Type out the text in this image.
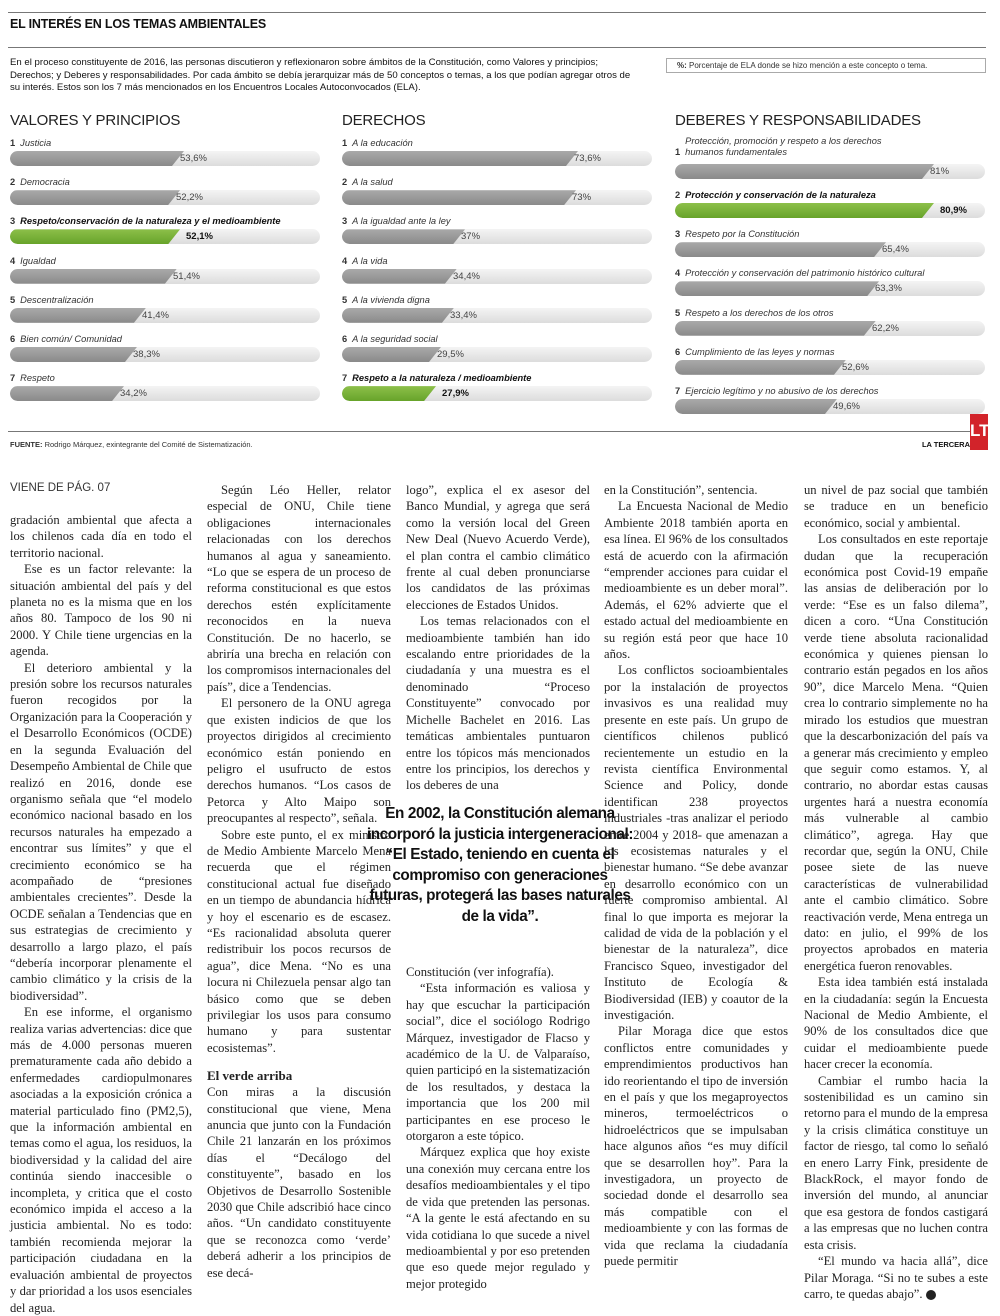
EL INTERÉS EN LOS TEMAS AMBIENTALES

En el proceso constituyente de 2016, las personas discutieron y reflexionaron sobre ámbitos de la Constitución, como Valores y principios; Derechos; y Deberes y responsabilidades. Por cada ámbito se debía jerarquizar más de 50 conceptos o temas, a los que podían agregar otros de su interés. Estos son los 7 más mencionados en los Encuentros Locales Autoconvocados (ELA).

%: Porcentaje de ELA donde se hizo mención a este concepto o tema.
VALORES Y PRINCIPIOS
1 Justicia
53,6%
2 Democracia
52,2%
3 Respeto/conservación de la naturaleza y el medioambiente
52,1%
4 Igualdad
51,4%
5 Descentralización
41,4%
6 Bien común/ Comunidad
38,3%
7 Respeto
34,2%
DERECHOS
1 A la educación
73,6%
2 A la salud
73%
3 A la igualdad ante la ley
37%
4 A la vida
34,4%
5 A la vivienda digna
33,4%
6 A la seguridad social
29,5%
7 Respeto a la naturaleza / medioambiente
27,9%
DEBERES Y RESPONSABILIDADES
1Protección, promoción y respeto a los derechos humanos fundamentales
81%
2 Protección y conservación de la naturaleza
80,9%
3 Respeto por la Constitución
65,4%
4 Protección y conservación del patrimonio histórico cultural
63,3%
5 Respeto a los derechos de los otros
62,2%
6 Cumplimiento de las leyes y normas
52,6%
7 Ejercicio legítimo y no abusivo de los derechos
49,6%
FUENTE: Rodrigo Márquez, exintegrante del Comité de Sistematización.	LA TERCERA
LT
VIENE DE PÁG. 07

gradación ambiental que afecta a los chilenos cada día en todo el territorio nacional.

Ese es un factor relevante: la situación ambiental del país y del planeta no es la misma que en los años 80. Tampoco de los 90 ni 2000. Y Chile tiene urgencias en la agenda.

El deterioro ambiental y la presión sobre los recursos naturales fueron recogidos por la Organización para la Cooperación y el Desarrollo Económicos (OCDE) en la segunda Evaluación del Desempeño Ambiental de Chile que realizó en 2016, donde ese organismo señala que “el modelo económico nacional basado en los recursos naturales ha empezado a encontrar sus límites” y que el crecimiento económico se ha acompañado de “presiones ambientales crecientes”. Desde la OCDE señalan a Tendencias que en sus estrategias de crecimiento y desarrollo a largo plazo, el país “debería incorporar plenamente el cambio climático y la crisis de la biodiversidad”.

En ese informe, el organismo realiza varias advertencias: dice que más de 4.000 personas mueren prematuramente cada año debido a enfermedades cardiopulmonares asociadas a la exposición crónica a material particulado fino (PM2,5), que la información ambiental en temas como el agua, los residuos, la biodiversidad y la calidad del aire continúa siendo inaccesible o incompleta, y critica que el costo económico impida el acceso a la justicia ambiental. No es todo: también recomienda mejorar la participación ciudadana en la evaluación ambiental de proyectos y dar prioridad a los usos esenciales del agua.

Según Léo Heller, relator especial de ONU, Chile tiene obligaciones internacionales relacionadas con los derechos humanos al agua y saneamiento. “Lo que se espera de un proceso de reforma constitucional es que estos derechos estén explícitamente reconocidos en la nueva Constitución. De no hacerlo, se abriría una brecha en relación con los compromisos internacionales del país”, dice a Tendencias.

El personero de la ONU agrega que existen indicios de que los proyectos dirigidos al crecimiento económico están poniendo en peligro el usufructo de estos derechos humanos. “Los casos de Petorca y Alto Maipo son preocupantes al respecto”, señala.

Sobre este punto, el ex ministro de Medio Ambiente Marcelo Mena recuerda que el régimen constitucional actual fue diseñado en un tiempo de abundancia hídrica y hoy el escenario es de escasez. “Es racionalidad absoluta querer redistribuir los pocos recursos de agua”, dice Mena. “No es una locura ni Chilezuela pensar algo tan básico como que se deben privilegiar los usos para consumo humano y para sustentar ecosistemas”.

El verde arriba

Con miras a la discusión constitucional que viene, Mena anuncia que junto con la Fundación Chile 21 lanzarán en los próximos días el “Decálogo del constituyente”, basado en los Objetivos de Desarrollo Sostenible 2030 que Chile adscribió hace cinco años. “Un candidato constituyente que se reconozca como ‘verde’ deberá adherir a los principios de ese decá-

logo”, explica el ex asesor del Banco Mundial, y agrega que será como la versión local del Green New Deal (Nuevo Acuerdo Verde), el plan contra el cambio climático frente al cual deben pronunciarse los candidatos de las próximas elecciones de Estados Unidos.

Los temas relacionados con el medioambiente también han ido escalando entre prioridades de la ciudadanía y una muestra es el denominado “Proceso Constituyente” convocado por Michelle Bachelet en 2016. Las temáticas ambientales puntuaron entre los tópicos más mencionados entre los principios, los derechos y los deberes de una

En 2002, la Constitución alemana incorporó la justicia intergeneracional: “El Estado, teniendo en cuenta el compromiso con generaciones futuras, protegerá las bases naturales de la vida”.

Constitución (ver infografía).

“Esta información es valiosa y hay que escuchar la participación social”, dice el sociólogo Rodrigo Márquez, investigador de Flacso y académico de la U. de Valparaíso, quien participó en la sistematización de los resultados, y destaca la importancia que los 200 mil participantes en ese proceso le otorgaron a este tópico.

Márquez explica que hoy existe una conexión muy cercana entre los desafíos medioambientales y el tipo de vida que pretenden las personas. “A la gente le está afectando en su vida cotidiana lo que sucede a nivel medioambiental y por eso pretenden que eso quede mejor regulado y mejor protegido

en la Constitución”, sentencia.

La Encuesta Nacional de Medio Ambiente 2018 también aporta en esa línea. El 96% de los consultados está de acuerdo con la afirmación “emprender acciones para cuidar el medioambiente es un deber moral”. Además, el 62% advierte que el estado actual del medioambiente en su región está peor que hace 10 años.

Los conflictos socioambientales por la instalación de proyectos invasivos es una realidad muy presente en este país. Un grupo de científicos chilenos publicó recientemente un estudio en la revista científica Environmental Science and Policy, donde identifican 238 proyectos industriales -tras analizar el periodo entre 2004 y 2018- que amenazan a los ecosistemas naturales y el bienestar humano. “Se debe avanzar en desarrollo económico con un fuerte compromiso ambiental. Al final lo que importa es mejorar la calidad de vida de la población y el bienestar de la naturaleza”, dice Francisco Squeo, investigador del Instituto de Ecología & Biodiversidad (IEB) y coautor de la investigación.

Pilar Moraga dice que estos conflictos entre comunidades y emprendimientos productivos han ido reorientando el tipo de inversión en el país y que los megaproyectos mineros, termoeléctricos o hidroeléctricos que se impulsaban hace algunos años “es muy difícil que se desarrollen hoy”. Para la investigadora, un proyecto de sociedad donde el desarrollo sea más compatible con el medioambiente y con las formas de vida que reclama la ciudadanía puede permitir

un nivel de paz social que también se traduce en un beneficio económico, social y ambiental.

Los consultados en este reportaje dudan que la recuperación económica post Covid-19 empañe las ansias de deliberación por lo verde: “Ese es un falso dilema”, dicen a coro. “Una Constitución verde tiene absoluta racionalidad económica y quienes piensan lo contrario están pegados en los años 90”, dice Marcelo Mena. “Quien crea lo contrario simplemente no ha mirado los estudios que muestran que la descarbonización del país va a generar más crecimiento y empleo que seguir como estamos. Y, al contrario, no abordar estas causas urgentes hará a nuestra economía más vulnerable al cambio climático”, agrega. Hay que recordar que, según la ONU, Chile posee siete de las nueve características de vulnerabilidad ante el cambio climático. Sobre reactivación verde, Mena entrega un dato: en julio, el 99% de los proyectos aprobados en materia energética fueron renovables.

Esta idea también está instalada en la ciudadanía: según la Encuesta Nacional de Medio Ambiente, el 90% de los consultados dice que cuidar el medioambiente puede hacer crecer la economía.

Cambiar el rumbo hacia la sostenibilidad es un camino sin retorno para el mundo de la empresa y la crisis climática constituye un factor de riesgo, tal como lo señaló en enero Larry Fink, presidente de BlackRock, el mayor fondo de inversión del mundo, al anunciar que esa gestora de fondos castigará a las empresas que no luchen contra esta crisis.

“El mundo va hacia allá”, dice Pilar Moraga. “Si no te subes a este carro, te quedas abajo”.
